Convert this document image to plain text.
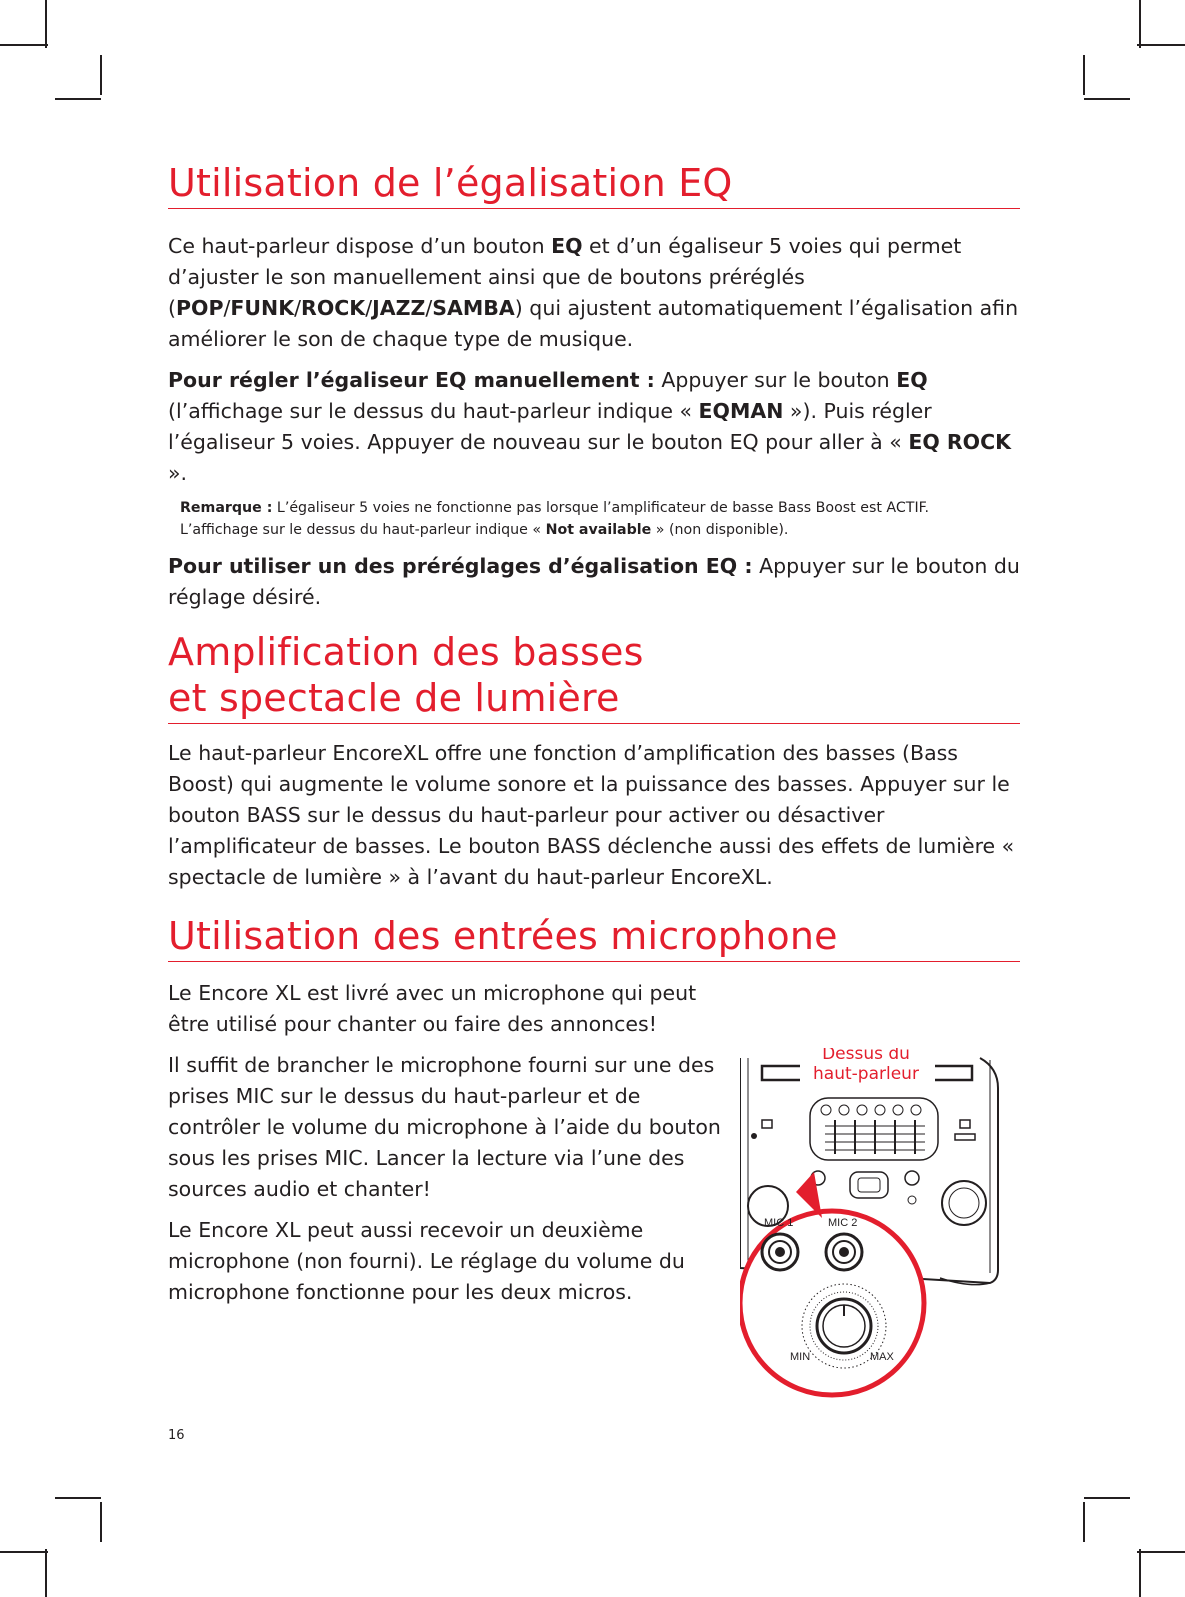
Utilisation de l’égalisation EQ

Ce haut-parleur dispose d’un bouton EQ et d’un égaliseur 5 voies qui permet d’ajuster le son manuellement ainsi que de boutons préréglés (POP/FUNK/ROCK/JAZZ/SAMBA) qui ajustent automatiquement l’égalisation afin améliorer le son de chaque type de musique.

Pour régler l’égaliseur EQ manuellement : Appuyer sur le bouton EQ (l’affichage sur le dessus du haut-parleur indique « EQMAN »). Puis régler l’égaliseur 5 voies. Appuyer de nouveau sur le bouton EQ pour aller à « EQ ROCK ».

Remarque : L’égaliseur 5 voies ne fonctionne pas lorsque l’amplificateur de basse Bass Boost est ACTIF.
L’affichage sur le dessus du haut-parleur indique « Not available » (non disponible).

Pour utiliser un des préréglages d’égalisation EQ : Appuyer sur le bouton du réglage désiré.

Amplification des basses
et spectacle de lumière

Le haut-parleur EncoreXL offre une fonction d’amplification des basses (Bass Boost) qui augmente le volume sonore et la puissance des basses. Appuyer sur le bouton BASS sur le dessus du haut-parleur pour activer ou désactiver l’amplificateur de basses. Le bouton BASS déclenche aussi des effets de lumière « spectacle de lumière » à l’avant du haut-parleur EncoreXL.

Utilisation des entrées microphone

Le Encore XL est livré avec un microphone qui peut être utilisé pour chanter ou faire des annonces!

Il suffit de brancher le microphone fourni sur une des prises MIC sur le dessus du haut-parleur et de contrôler le volume du microphone à l’aide du bouton sous les prises MIC. Lancer la lecture via l’une des sources audio et chanter!

Le Encore XL peut aussi recevoir un deuxième microphone (non fourni). Le réglage du volume du microphone fonctionne pour les deux micros.

Dessus du
haut-parleur
MIC 1	MIC 2
MIN	MAX
16
